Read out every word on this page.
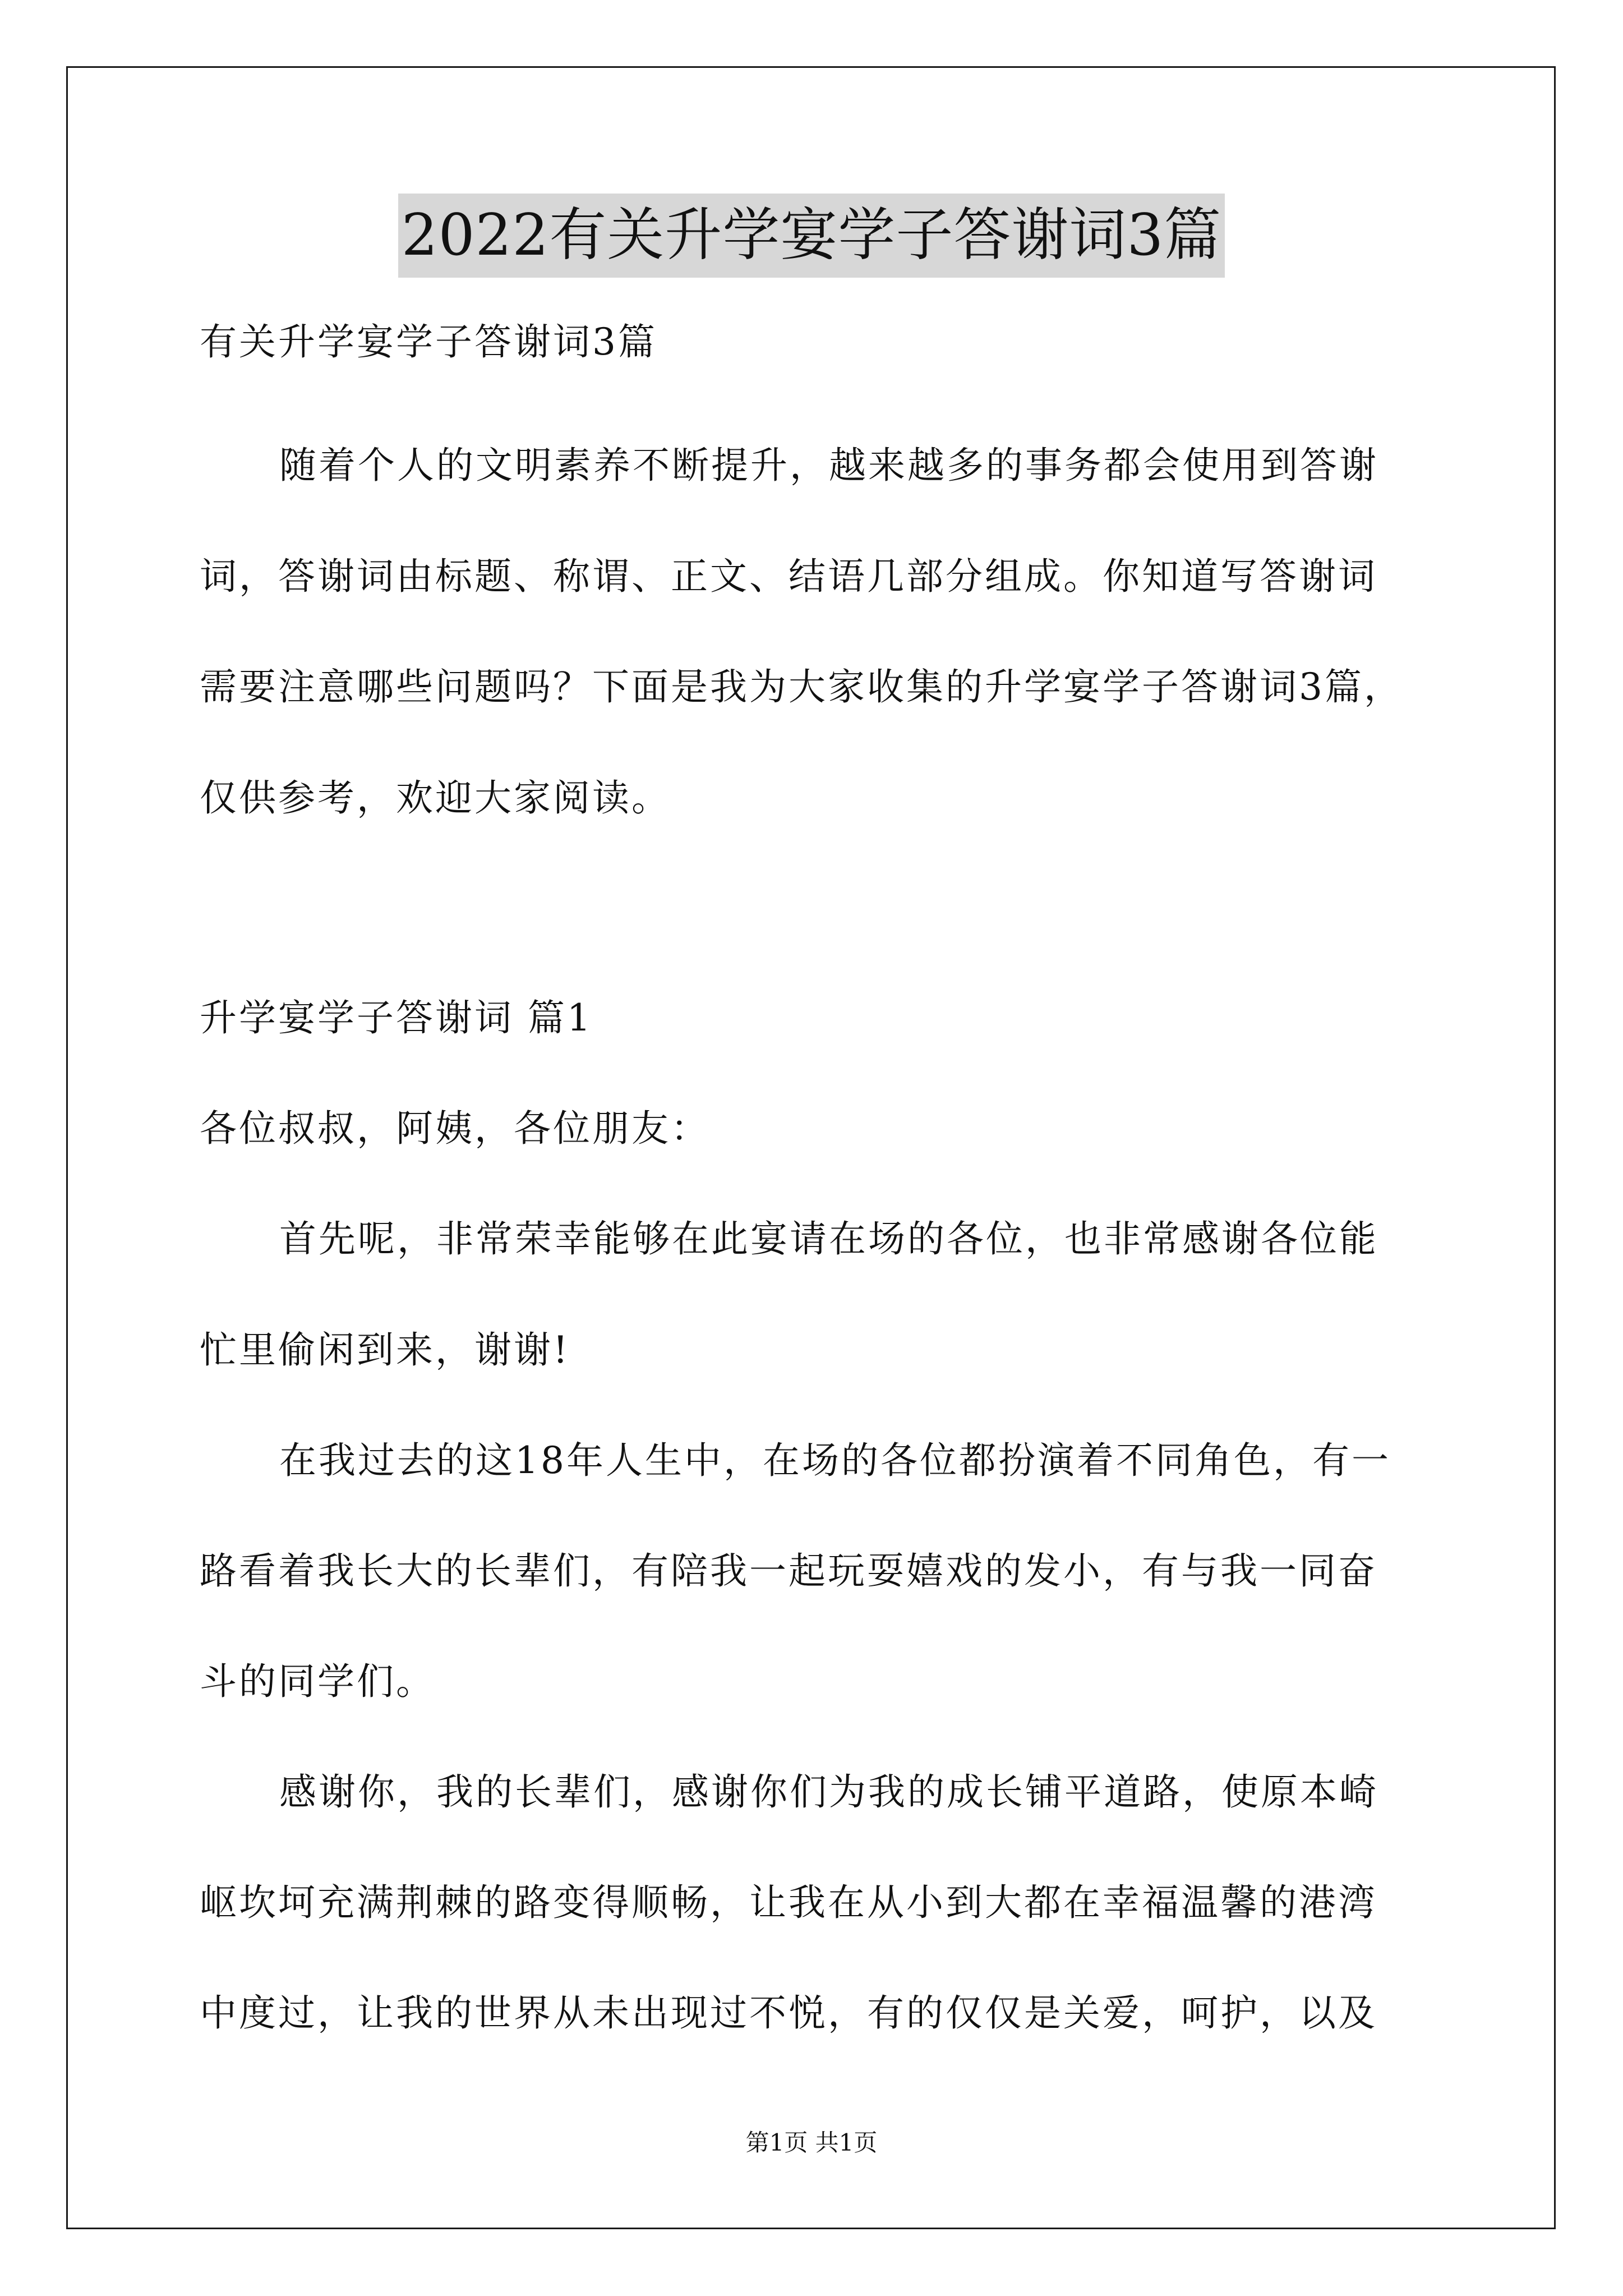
2022有关升学宴学子答谢词3篇
有关升学宴学子答谢词3篇
随着个人的文明素养不断提升，越来越多的事务都会使用到答谢
词，答谢词由标题、称谓、正文、结语几部分组成。你知道写答谢词
需要注意哪些问题吗？下面是我为大家收集的升学宴学子答谢词3篇，
仅供参考，欢迎大家阅读。
升学宴学子答谢词 篇1
各位叔叔，阿姨，各位朋友：
首先呢，非常荣幸能够在此宴请在场的各位，也非常感谢各位能
忙里偷闲到来，谢谢!
在我过去的这18年人生中，在场的各位都扮演着不同角色，有一
路看着我长大的长辈们，有陪我一起玩耍嬉戏的发小，有与我一同奋
斗的同学们。
感谢你，我的长辈们，感谢你们为我的成长铺平道路，使原本崎
岖坎坷充满荆棘的路变得顺畅，让我在从小到大都在幸福温馨的港湾
中度过，让我的世界从未出现过不悦，有的仅仅是关爱，呵护，以及
第1页 共1页
